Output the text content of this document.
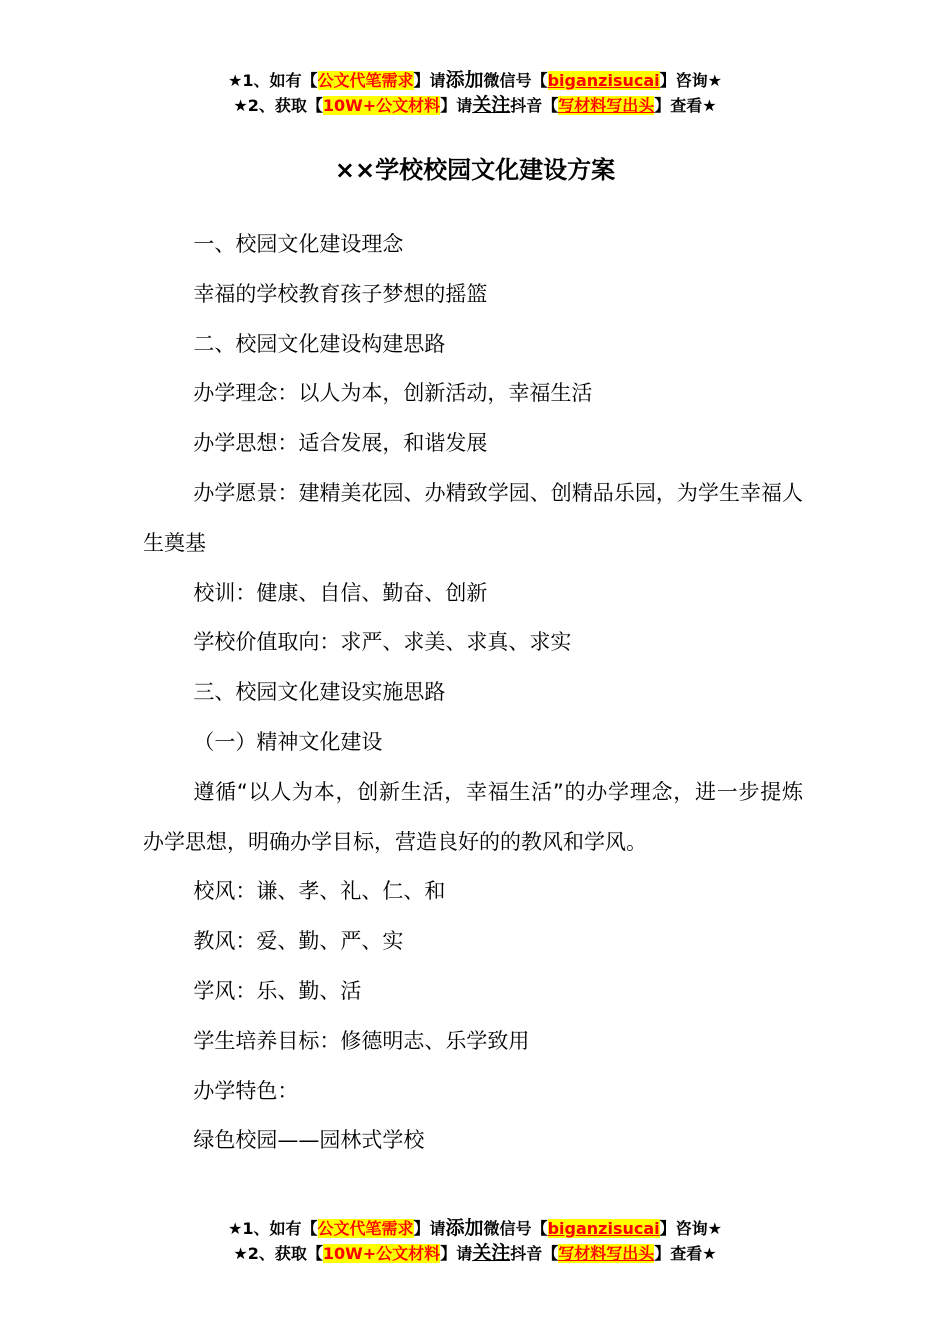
★1、如有【公文代笔需求】请添加微信号【biganzisucai】咨询★
★2、获取【10W+公文材料】请关注抖音【写材料写出头】查看★
××学校校园文化建设方案

一、校园文化建设理念

幸福的学校教育孩子梦想的摇篮

二、校园文化建设构建思路

办学理念：以人为本，创新活动，幸福生活

办学思想：适合发展，和谐发展

办学愿景：建精美花园、办精致学园、创精品乐园，为学生幸福人生奠基

校训：健康、自信、勤奋、创新

学校价值取向：求严、求美、求真、求实

三、校园文化建设实施思路

（一）精神文化建设

遵循“以人为本，创新生活，幸福生活”的办学理念，进一步提炼办学思想，明确办学目标，营造良好的的教风和学风。

校风：谦、孝、礼、仁、和

教风：爱、勤、严、实

学风：乐、勤、活

学生培养目标：修德明志、乐学致用

办学特色：

绿色校园——园林式学校

★1、如有【公文代笔需求】请添加微信号【biganzisucai】咨询★
★2、获取【10W+公文材料】请关注抖音【写材料写出头】查看★
